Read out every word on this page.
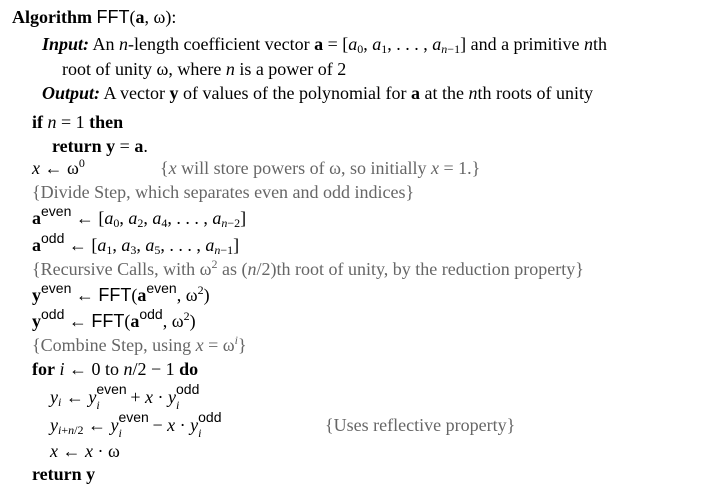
Algorithm FFT(a, ω):
Input: An n-length coefficient vector $a = [a_0$, $a_1$, . . . , $a_{n-1}$] and a primitive nth
root of unity ω, where n is a power of 2
Output: A vector y of values of the polynomial for a at the nth roots of unity
if n = 1 then
return y = a.
x ← $\omega^0$	{x will store powers of ω, so initially x = 1.}
{Divide Step, which separates even and odd indices}
$a^{even}$ ← [$a_0$, $a_2$, $a_4$, . . . , $a_{n-2}$]
$a^{odd}$ ← [$a_1$, $a_3$, $a_5$, . . . , $a_{n-1}$]
{Recursive Calls, with $\omega^2$ as (n/2)th root of unity, by the reduction property}
$y^{even}$ ← $FFT(a^{even}$, $\omega^2$)
$y^{odd}$ ← $FFT(a^{odd}$, $\omega^2$)
{Combine Step, using $x = \omega^i$}
for i ← 0 to n/2 − 1 do
$y_i$ ← y even
i + x · y odd
i
$y_{i+n/2}$ ← y even
i − x · y odd
i	{Uses reflective property}
x ← x · ω
return y
